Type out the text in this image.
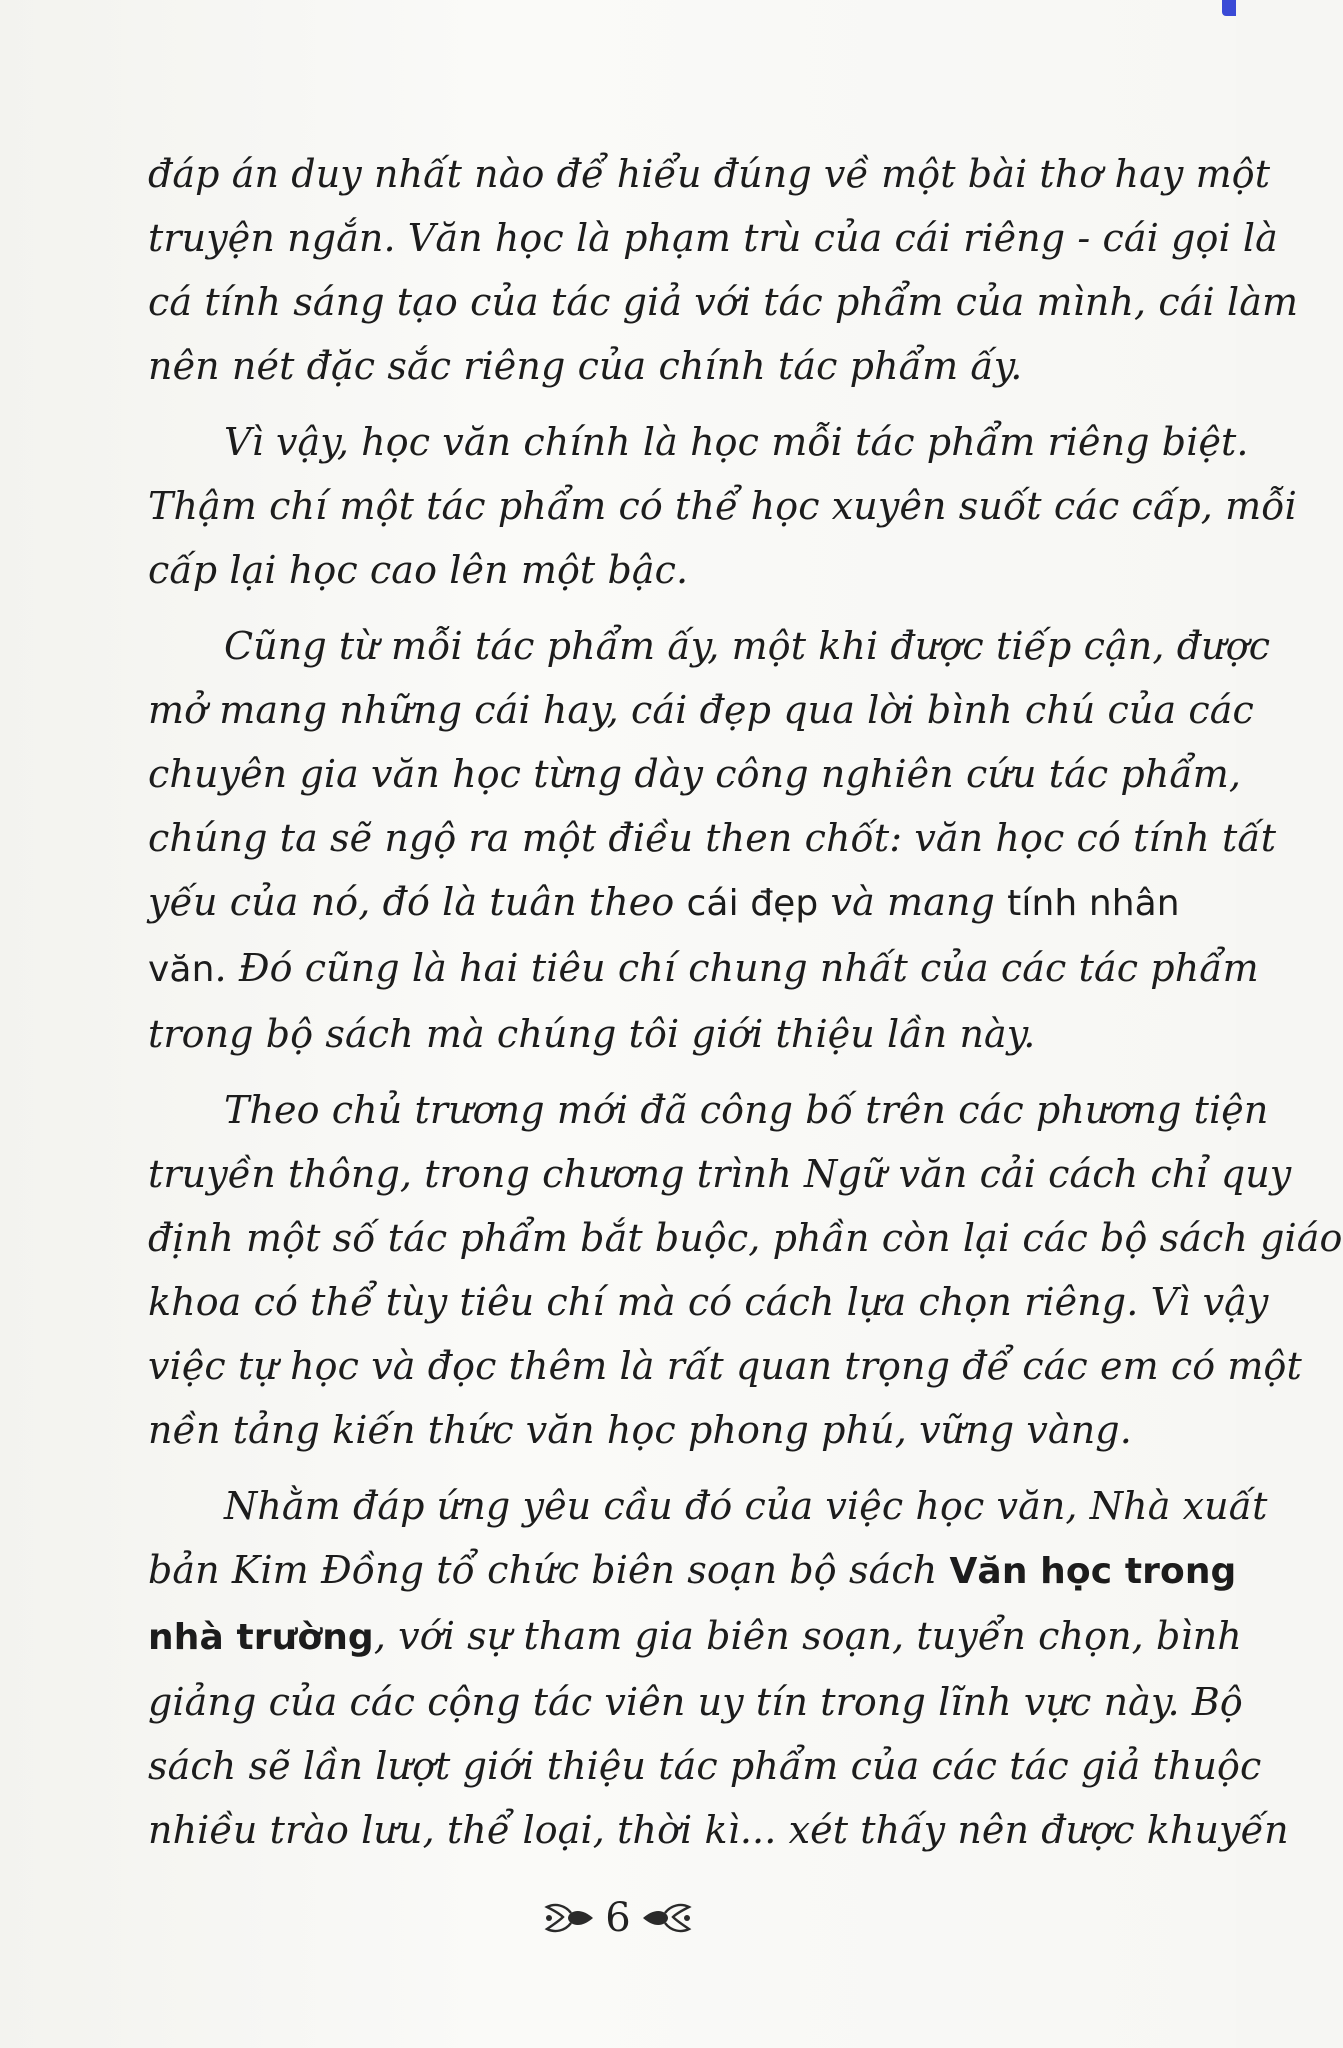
đáp án duy nhất nào để hiểu đúng về một bài thơ hay một
truyện ngắn. Văn học là phạm trù của cái riêng - cái gọi là
cá tính sáng tạo của tác giả với tác phẩm của mình, cái làm
nên nét đặc sắc riêng của chính tác phẩm ấy.

Vì vậy, học văn chính là học mỗi tác phẩm riêng biệt.
Thậm chí một tác phẩm có thể học xuyên suốt các cấp, mỗi
cấp lại học cao lên một bậc.

Cũng từ mỗi tác phẩm ấy, một khi được tiếp cận, được
mở mang những cái hay, cái đẹp qua lời bình chú của các
chuyên gia văn học từng dày công nghiên cứu tác phẩm,
chúng ta sẽ ngộ ra một điều then chốt: văn học có tính tất
yếu của nó, đó là tuân theo cái đẹp và mang tính nhân
văn. Đó cũng là hai tiêu chí chung nhất của các tác phẩm
trong bộ sách mà chúng tôi giới thiệu lần này.

Theo chủ trương mới đã công bố trên các phương tiện
truyền thông, trong chương trình Ngữ văn cải cách chỉ quy
định một số tác phẩm bắt buộc, phần còn lại các bộ sách giáo
khoa có thể tùy tiêu chí mà có cách lựa chọn riêng. Vì vậy
việc tự học và đọc thêm là rất quan trọng để các em có một
nền tảng kiến thức văn học phong phú, vững vàng.

Nhằm đáp ứng yêu cầu đó của việc học văn, Nhà xuất
bản Kim Đồng tổ chức biên soạn bộ sách Văn học trong
nhà trường, với sự tham gia biên soạn, tuyển chọn, bình
giảng của các cộng tác viên uy tín trong lĩnh vực này. Bộ
sách sẽ lần lượt giới thiệu tác phẩm của các tác giả thuộc
nhiều trào lưu, thể loại, thời kì... xét thấy nên được khuyến

6
